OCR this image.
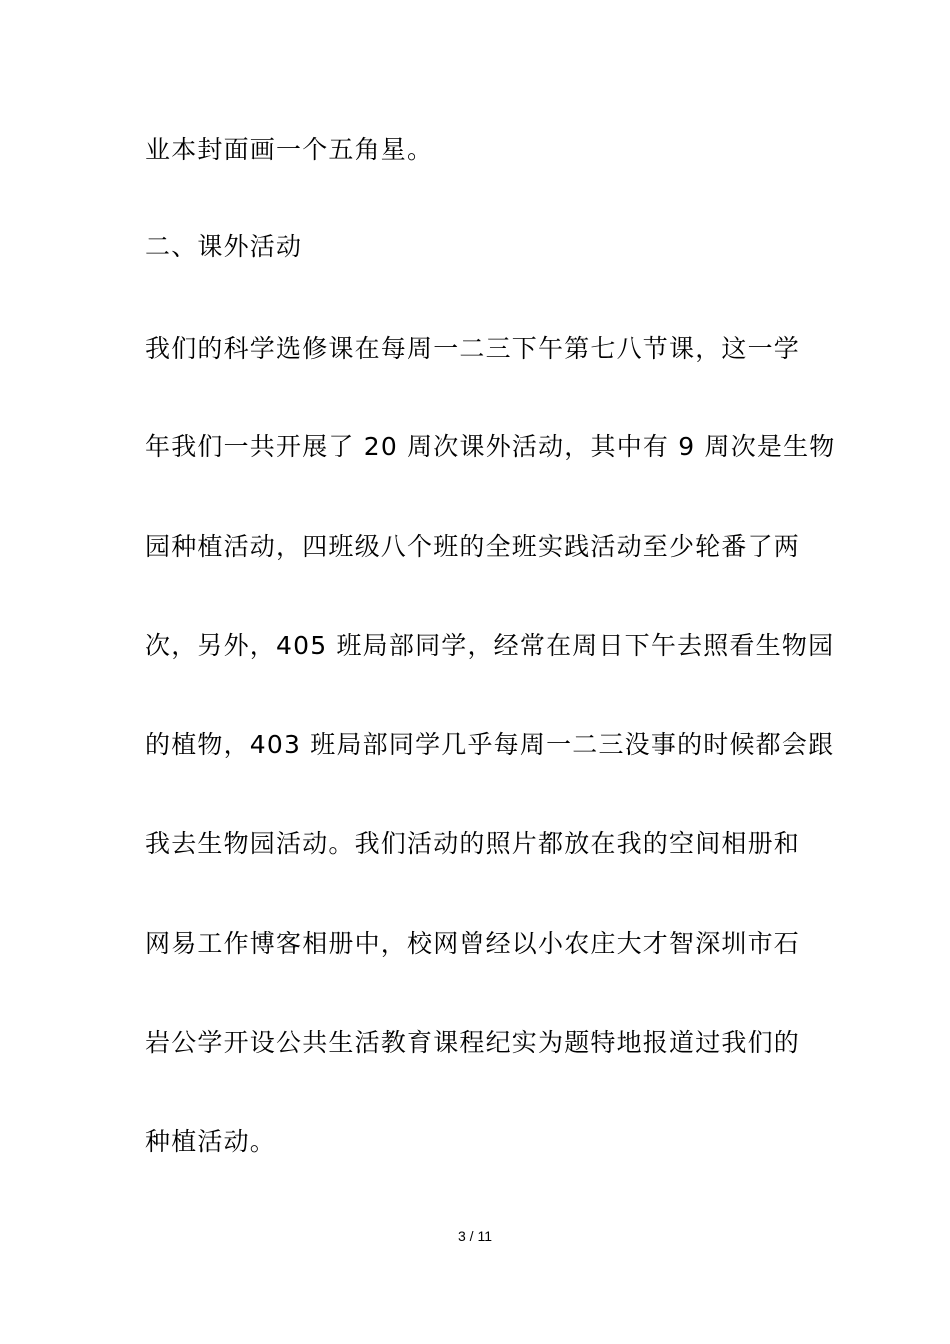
业本封面画一个五角星。
二、课外活动
我们的科学选修课在每周一二三下午第七八节课，这一学
年我们一共开展了 20 周次课外活动，其中有 9 周次是生物
园种植活动，四班级八个班的全班实践活动至少轮番了两
次，另外，405 班局部同学，经常在周日下午去照看生物园
的植物，403 班局部同学几乎每周一二三没事的时候都会跟
我去生物园活动。我们活动的照片都放在我的空间相册和
网易工作博客相册中，校网曾经以小农庄大才智深圳市石
岩公学开设公共生活教育课程纪实为题特地报道过我们的
种植活动。
3 / 11
